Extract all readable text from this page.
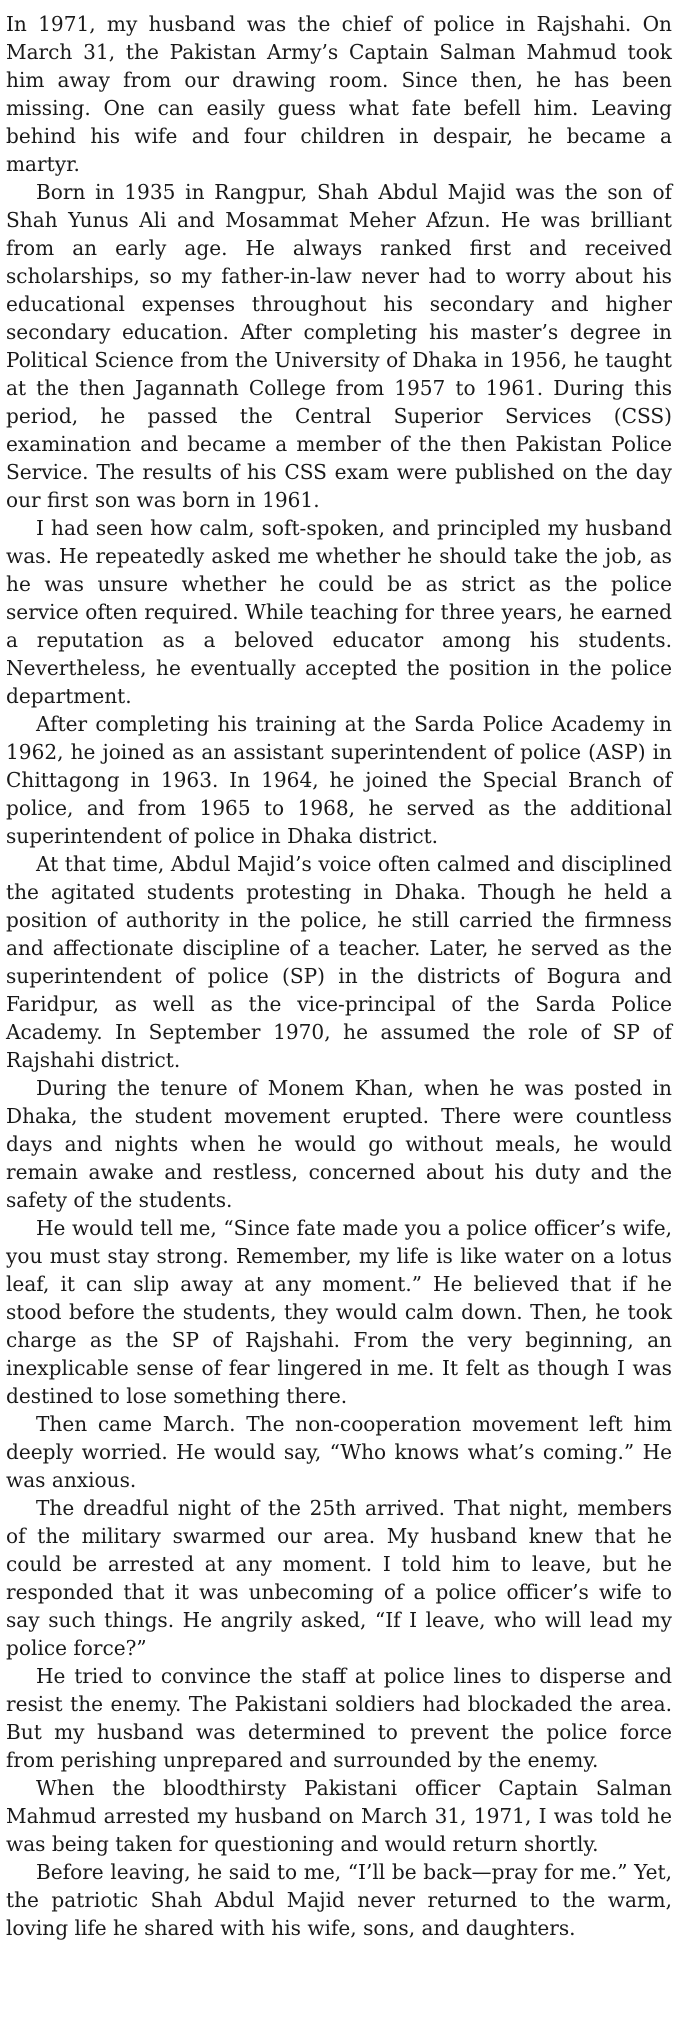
In 1971, my husband was the chief of police in Rajshahi. On March 31, the Pakistan Army’s Captain Salman Mahmud took him away from our drawing room. Since then, he has been missing. One can easily guess what fate befell him. Leaving behind his wife and four children in despair, he became a martyr.

Born in 1935 in Rangpur, Shah Abdul Majid was the son of Shah Yunus Ali and Mosammat Meher Afzun. He was brilliant from an early age. He always ranked first and received scholarships, so my father-in-law never had to worry about his educational expenses throughout his secondary and higher secondary education. After completing his master’s degree in Political Science from the University of Dhaka in 1956, he taught at the then Jagannath College from 1957 to 1961. During this period, he passed the Central Superior Services (CSS) examination and became a member of the then Pakistan Police Service. The results of his CSS exam were published on the day our first son was born in 1961.

I had seen how calm, soft-spoken, and principled my husband was. He repeatedly asked me whether he should take the job, as he was unsure whether he could be as strict as the police service often required. While teaching for three years, he earned a reputation as a beloved educator among his students. Nevertheless, he eventually accepted the position in the police department.

After completing his training at the Sarda Police Academy in 1962, he joined as an assistant superintendent of police (ASP) in Chittagong in 1963. In 1964, he joined the Special Branch of police, and from 1965 to 1968, he served as the additional superintendent of police in Dhaka district.

At that time, Abdul Majid’s voice often calmed and disciplined the agitated students protesting in Dhaka. Though he held a position of authority in the police, he still carried the firmness and affectionate discipline of a teacher. Later, he served as the superintendent of police (SP) in the districts of Bogura and Faridpur, as well as the vice-principal of the Sarda Police Academy. In September 1970, he assumed the role of SP of Rajshahi district.

During the tenure of Monem Khan, when he was posted in Dhaka, the student movement erupted. There were countless days and nights when he would go without meals, he would remain awake and restless, concerned about his duty and the safety of the students.

He would tell me, “Since fate made you a police officer’s wife, you must stay strong. Remember, my life is like water on a lotus leaf, it can slip away at any moment.” He believed that if he stood before the students, they would calm down. Then, he took charge as the SP of Rajshahi. From the very beginning, an inexplicable sense of fear lingered in me. It felt as though I was destined to lose something there.

Then came March. The non-cooperation movement left him deeply worried. He would say, “Who knows what’s coming.” He was anxious.

The dreadful night of the 25th arrived. That night, members of the military swarmed our area. My husband knew that he could be arrested at any moment. I told him to leave, but he responded that it was unbecoming of a police officer’s wife to say such things. He angrily asked, “If I leave, who will lead my police force?”

He tried to convince the staff at police lines to disperse and resist the enemy. The Pakistani soldiers had blockaded the area. But my husband was determined to prevent the police force from perishing unprepared and surrounded by the enemy.

When the bloodthirsty Pakistani officer Captain Salman Mahmud arrested my husband on March 31, 1971, I was told he was being taken for questioning and would return shortly.

Before leaving, he said to me, “I’ll be back—pray for me.” Yet, the patriotic Shah Abdul Majid never returned to the warm, loving life he shared with his wife, sons, and daughters.
